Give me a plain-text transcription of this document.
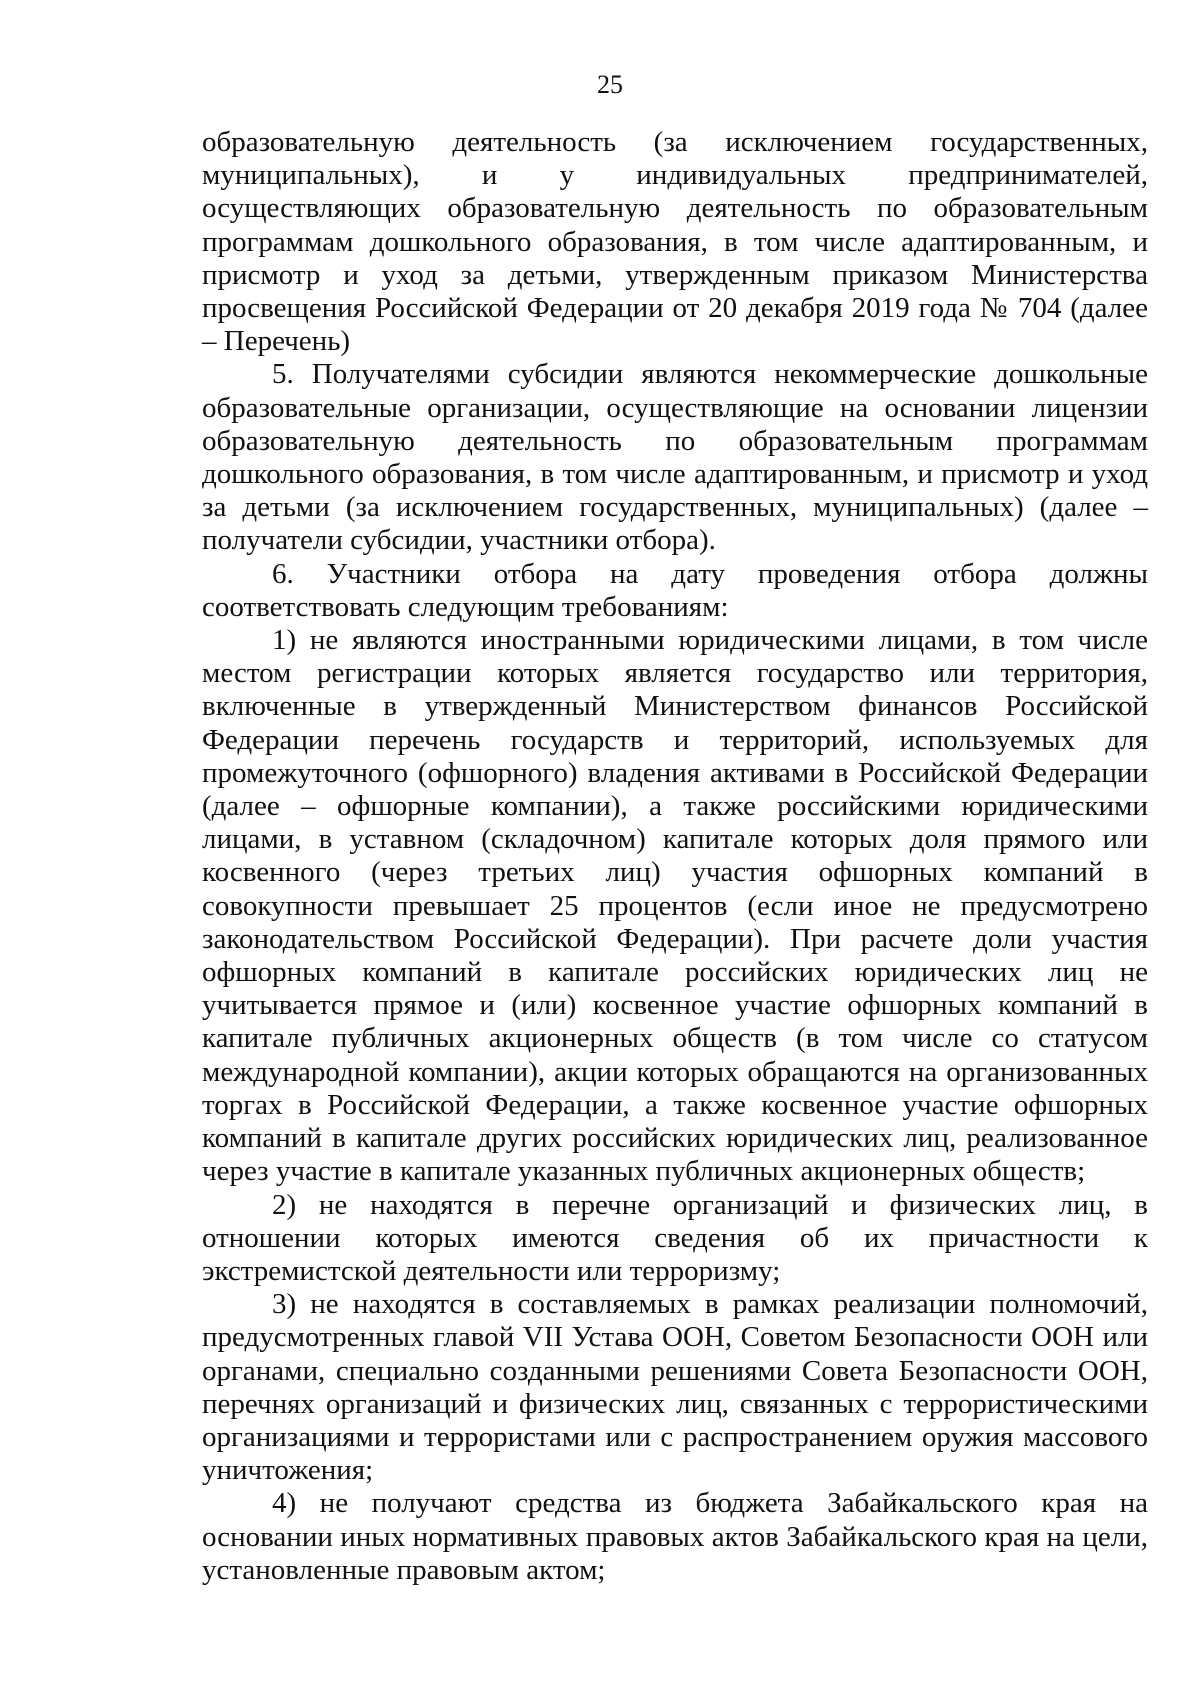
25

образовательную деятельность (за исключением государственных, муниципальных), и у индивидуальных предпринимателей, осуществляющих образовательную деятельность по образовательным программам дошкольного образования, в том числе адаптированным, и присмотр и уход за детьми, утвержденным приказом Министерства просвещения Российской Федерации от 20 декабря 2019 года № 704 (далее – Перечень)

5. Получателями субсидии являются некоммерческие дошкольные образовательные организации, осуществляющие на основании лицензии образовательную деятельность по образовательным программам дошкольного образования, в том числе адаптированным, и присмотр и уход за детьми (за исключением государственных, муниципальных) (далее – получатели субсидии, участники отбора).

6. Участники отбора на дату проведения отбора должны соответствовать следующим требованиям:

1) не являются иностранными юридическими лицами, в том числе местом регистрации которых является государство или территория, включенные в утвержденный Министерством финансов Российской Федерации перечень государств и территорий, используемых для промежуточного (офшорного) владения активами в Российской Федерации (далее – офшорные компании), а также российскими юридическими лицами, в уставном (складочном) капитале которых доля прямого или косвенного (через третьих лиц) участия офшорных компаний в совокупности превышает 25 процентов (если иное не предусмотрено законодательством Российской Федерации). При расчете доли участия офшорных компаний в капитале российских юридических лиц не учитывается прямое и (или) косвенное участие офшорных компаний в капитале публичных акционерных обществ (в том числе со статусом международной компании), акции которых обращаются на организованных торгах в Российской Федерации, а также косвенное участие офшорных компаний в капитале других российских юридических лиц, реализованное через участие в капитале указанных публичных акционерных обществ;

2) не находятся в перечне организаций и физических лиц, в отношении которых имеются сведения об их причастности к экстремистской деятельности или терроризму;

3) не находятся в составляемых в рамках реализации полномочий, предусмотренных главой VII Устава ООН, Советом Безопасности ООН или органами, специально созданными решениями Совета Безопасности ООН, перечнях организаций и физических лиц, связанных с террористическими организациями и террористами или с распространением оружия массового уничтожения;

4) не получают средства из бюджета Забайкальского края на основании иных нормативных правовых актов Забайкальского края на цели, установленные правовым актом;
